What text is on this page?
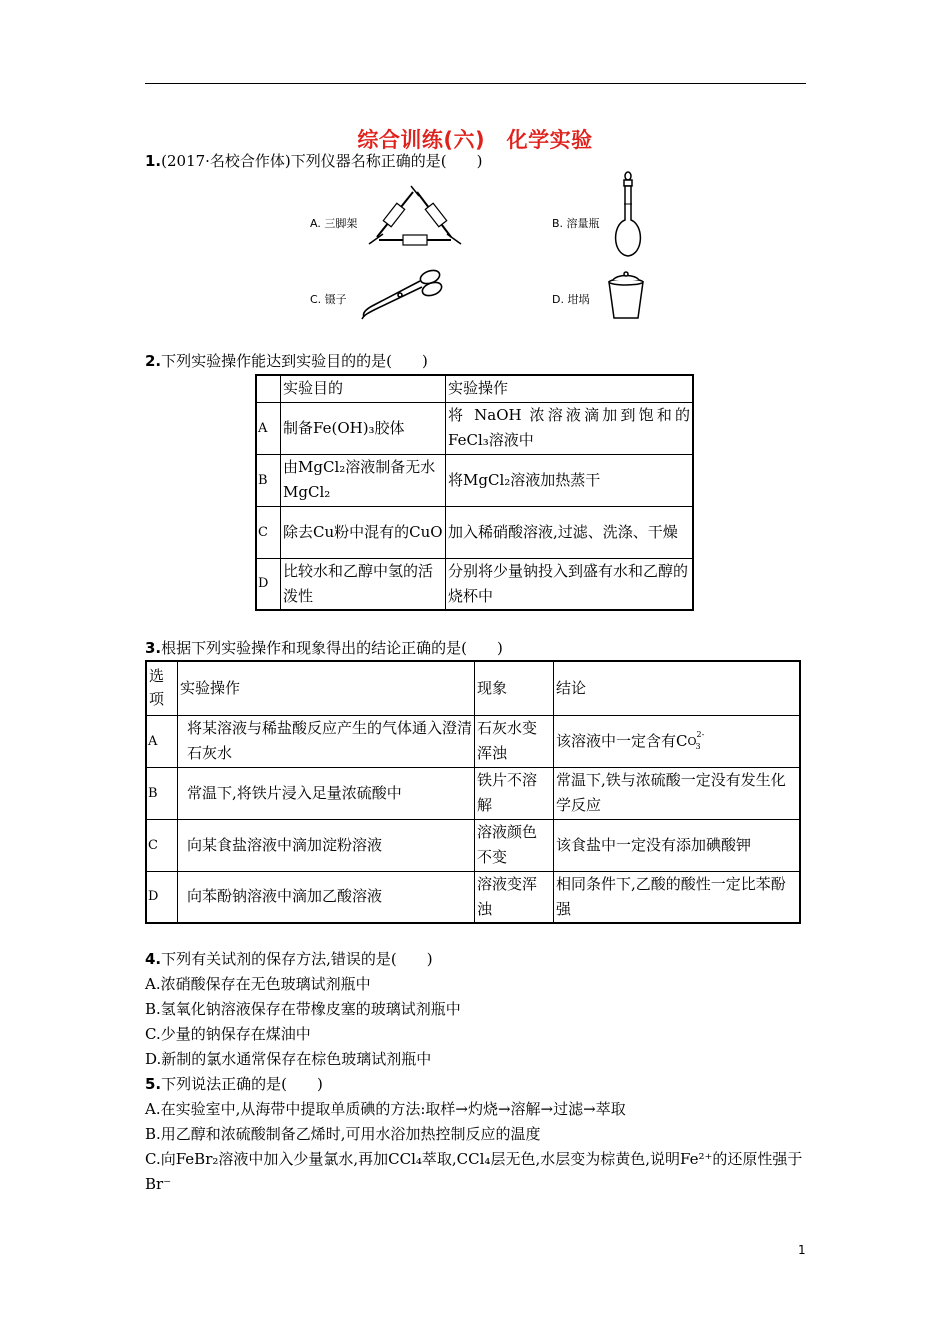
综合训练(六)　化学实验
1.(2017·名校合作体)下列仪器名称正确的是(　　)
A. 三脚架	B. 溶量瓶
C. 镊子	D. 坩埚
2.下列实验操作能达到实验目的的是(　　)
	实验目的	实验操作
A	制备Fe(OH)₃胶体	将 NaOH 浓溶液滴加到饱和的FeCl₃溶液中
B	由MgCl₂溶液制备无水MgCl₂	将MgCl₂溶液加热蒸干
C	除去Cu粉中混有的CuO	加入稀硝酸溶液,过滤、洗涤、干燥
D	比较水和乙醇中氢的活泼性	分别将少量钠投入到盛有水和乙醇的烧杯中
3.根据下列实验操作和现象得出的结论正确的是(　　)
选项	实验操作	现象	结论
A	将某溶液与稀盐酸反应产生的气体通入澄清石灰水	石灰水变浑浊	该溶液中一定含有C O
3
2-

B	常温下,将铁片浸入足量浓硫酸中	铁片不溶解	常温下,铁与浓硫酸一定没有发生化学反应
C	向某食盐溶液中滴加淀粉溶液	溶液颜色不变	该食盐中一定没有添加碘酸钾
D	向苯酚钠溶液中滴加乙酸溶液	溶液变浑浊	相同条件下,乙酸的酸性一定比苯酚强
4.下列有关试剂的保存方法,错误的是(　　)
A.浓硝酸保存在无色玻璃试剂瓶中
B.氢氧化钠溶液保存在带橡皮塞的玻璃试剂瓶中
C.少量的钠保存在煤油中
D.新制的氯水通常保存在棕色玻璃试剂瓶中
5.下列说法正确的是(　　)
A.在实验室中,从海带中提取单质碘的方法:取样→灼烧→溶解→过滤→萃取
B.用乙醇和浓硫酸制备乙烯时,可用水浴加热控制反应的温度
C.向FeBr₂溶液中加入少量氯水,再加CCl₄萃取,CCl₄层无色,水层变为棕黄色,说明Fe²⁺的还原性强于Br⁻
1
